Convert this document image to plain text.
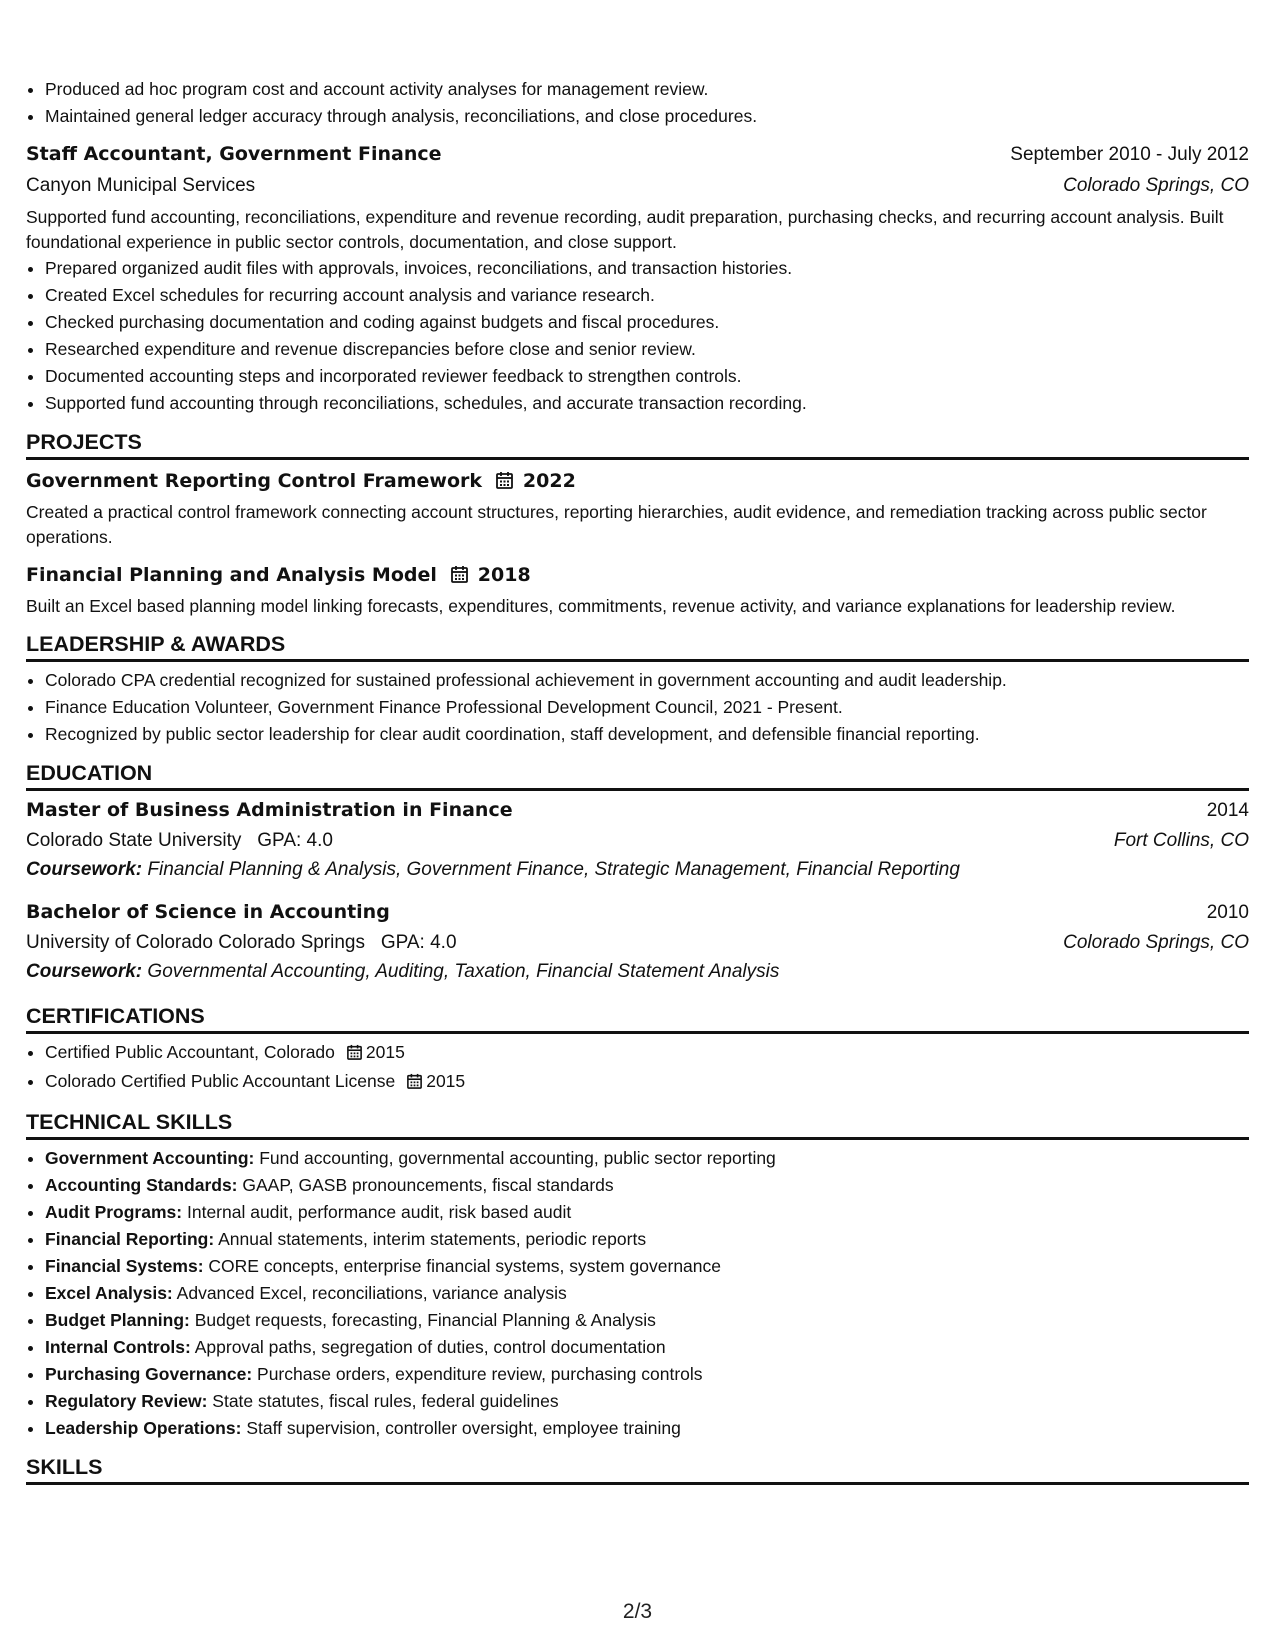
• Produced ad hoc program cost and account activity analyses for management review.
• Maintained general ledger accuracy through analysis, reconciliations, and close procedures.
Staff Accountant, Government Finance	September 2010 - July 2012
Canyon Municipal Services	Colorado Springs, CO
Supported fund accounting, reconciliations, expenditure and revenue recording, audit preparation, purchasing checks, and recurring account analysis. Built foundational experience in public sector controls, documentation, and close support.
• Prepared organized audit files with approvals, invoices, reconciliations, and transaction histories.
• Created Excel schedules for recurring account analysis and variance research.
• Checked purchasing documentation and coding against budgets and fiscal procedures.
• Researched expenditure and revenue discrepancies before close and senior review.
• Documented accounting steps and incorporated reviewer feedback to strengthen controls.
• Supported fund accounting through reconciliations, schedules, and accurate transaction recording.
PROJECTS
Government Reporting Control Framework 2022
Created a practical control framework connecting account structures, reporting hierarchies, audit evidence, and remediation tracking across public sector operations.
Financial Planning and Analysis Model 2018
Built an Excel based planning model linking forecasts, expenditures, commitments, revenue activity, and variance explanations for leadership review.
LEADERSHIP & AWARDS
• Colorado CPA credential recognized for sustained professional achievement in government accounting and audit leadership.
• Finance Education Volunteer, Government Finance Professional Development Council, 2021 - Present.
• Recognized by public sector leadership for clear audit coordination, staff development, and defensible financial reporting.
EDUCATION
Master of Business Administration in Finance	2014
Colorado State University GPA: 4.0	Fort Collins, CO
Coursework: Financial Planning & Analysis, Government Finance, Strategic Management, Financial Reporting
Bachelor of Science in Accounting	2010
University of Colorado Colorado Springs GPA: 4.0	Colorado Springs, CO
Coursework: Governmental Accounting, Auditing, Taxation, Financial Statement Analysis
CERTIFICATIONS
• Certified Public Accountant, Colorado 2015
• Colorado Certified Public Accountant License 2015
TECHNICAL SKILLS
• Government Accounting: Fund accounting, governmental accounting, public sector reporting
• Accounting Standards: GAAP, GASB pronouncements, fiscal standards
• Audit Programs: Internal audit, performance audit, risk based audit
• Financial Reporting: Annual statements, interim statements, periodic reports
• Financial Systems: CORE concepts, enterprise financial systems, system governance
• Excel Analysis: Advanced Excel, reconciliations, variance analysis
• Budget Planning: Budget requests, forecasting, Financial Planning & Analysis
• Internal Controls: Approval paths, segregation of duties, control documentation
• Purchasing Governance: Purchase orders, expenditure review, purchasing controls
• Regulatory Review: State statutes, fiscal rules, federal guidelines
• Leadership Operations: Staff supervision, controller oversight, employee training
SKILLS
2/3
